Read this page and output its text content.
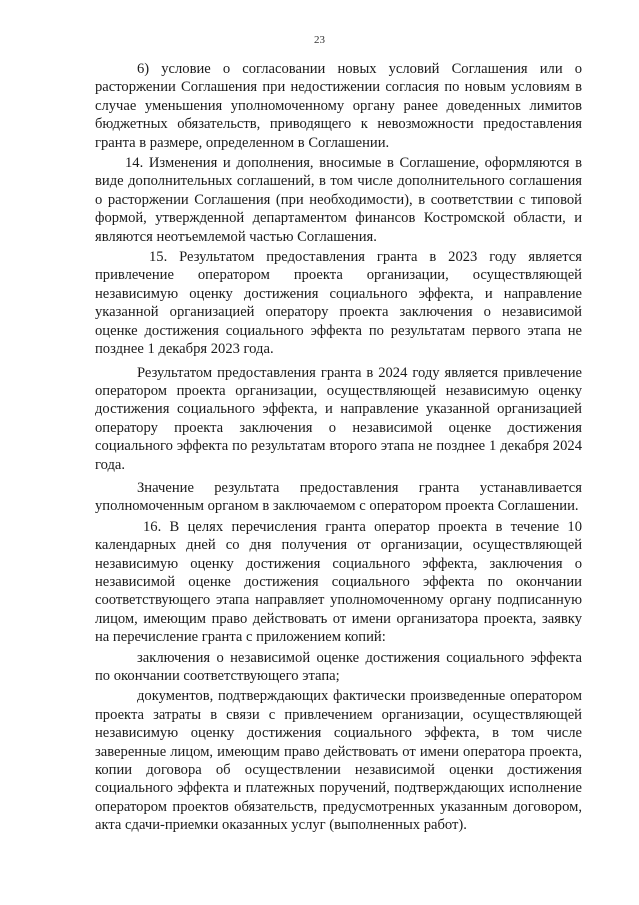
23

6) условие о согласовании новых условий Соглашения или о расторжении Соглашения при недостижении согласия по новым условиям в случае уменьшения уполномоченному органу ранее доведенных лимитов бюджетных обязательств, приводящего к невозможности предоставления гранта в размере, определенном в Соглашении.

14. Изменения и дополнения, вносимые в Соглашение, оформляются в виде дополнительных соглашений, в том числе дополнительного соглашения о расторжении Соглашения (при необходимости), в соответствии с типовой формой, утвержденной департаментом финансов Костромской области, и являются неотъемлемой частью Соглашения.

15. Результатом предоставления гранта в 2023 году является привлечение оператором проекта организации, осуществляющей независимую оценку достижения социального эффекта, и направление указанной организацией оператору проекта заключения о независимой оценке достижения социального эффекта по результатам первого этапа не позднее 1 декабря 2023 года.

Результатом предоставления гранта в 2024 году является привлечение оператором проекта организации, осуществляющей независимую оценку достижения социального эффекта, и направление указанной организацией оператору проекта заключения о независимой оценке достижения социального эффекта по результатам второго этапа не позднее 1 декабря 2024 года.

Значение результата предоставления гранта устанавливается уполномоченным органом в заключаемом с оператором проекта Соглашении.

16. В целях перечисления гранта оператор проекта в течение 10 календарных дней со дня получения от организации, осуществляющей независимую оценку достижения социального эффекта, заключения о независимой оценке достижения социального эффекта по окончании соответствующего этапа направляет уполномоченному органу подписанную лицом, имеющим право действовать от имени организатора проекта, заявку на перечисление гранта с приложением копий:

заключения о независимой оценке достижения социального эффекта по окончании соответствующего этапа;

документов, подтверждающих фактически произведенные оператором проекта затраты в связи с привлечением организации, осуществляющей независимую оценку достижения социального эффекта, в том числе заверенные лицом, имеющим право действовать от имени оператора проекта, копии договора об осуществлении независимой оценки достижения социального эффекта и платежных поручений, подтверждающих исполнение оператором проектов обязательств, предусмотренных указанным договором, акта сдачи-приемки оказанных услуг (выполненных работ).
